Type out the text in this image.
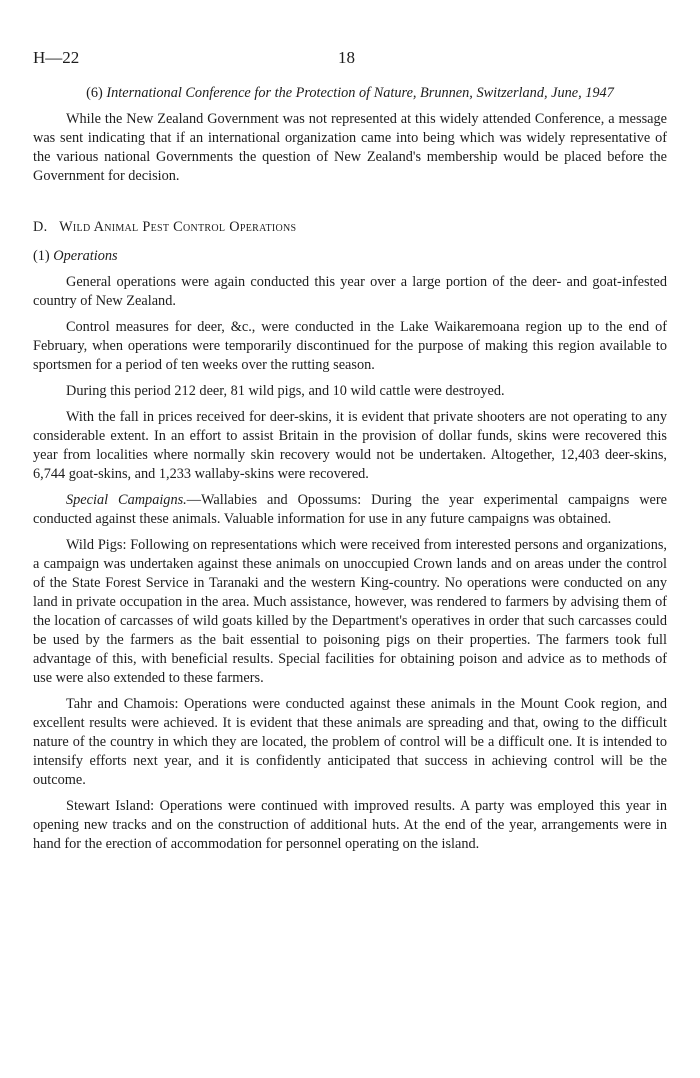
H—22	18

(6) International Conference for the Protection of Nature, Brunnen, Switzerland, June, 1947

While the New Zealand Government was not represented at this widely attended Conference, a message was sent indicating that if an international organization came into being which was widely representative of the various national Governments the question of New Zealand's membership would be placed before the Government for decision.

D. Wild Animal Pest Control Operations

(1) Operations

General operations were again conducted this year over a large portion of the deer- and goat-infested country of New Zealand.

Control measures for deer, &c., were conducted in the Lake Waikaremoana region up to the end of February, when operations were temporarily discontinued for the purpose of making this region available to sportsmen for a period of ten weeks over the rutting season.

During this period 212 deer, 81 wild pigs, and 10 wild cattle were destroyed.

With the fall in prices received for deer-skins, it is evident that private shooters are not operating to any considerable extent. In an effort to assist Britain in the provision of dollar funds, skins were recovered this year from localities where normally skin recovery would not be undertaken. Altogether, 12,403 deer-skins, 6,744 goat-skins, and 1,233 wallaby-skins were recovered.

Special Campaigns.—Wallabies and Opossums: During the year experimental campaigns were conducted against these animals. Valuable information for use in any future campaigns was obtained.

Wild Pigs: Following on representations which were received from interested persons and organizations, a campaign was undertaken against these animals on unoccupied Crown lands and on areas under the control of the State Forest Service in Taranaki and the western King-country. No operations were conducted on any land in private occupation in the area. Much assistance, however, was rendered to farmers by advising them of the location of carcasses of wild goats killed by the Department's operatives in order that such carcasses could be used by the farmers as the bait essential to poisoning pigs on their properties. The farmers took full advantage of this, with beneficial results. Special facilities for obtaining poison and advice as to methods of use were also extended to these farmers.

Tahr and Chamois: Operations were conducted against these animals in the Mount Cook region, and excellent results were achieved. It is evident that these animals are spreading and that, owing to the difficult nature of the country in which they are located, the problem of control will be a difficult one. It is intended to intensify efforts next year, and it is confidently anticipated that success in achieving control will be the outcome.

Stewart Island: Operations were continued with improved results. A party was employed this year in opening new tracks and on the construction of additional huts. At the end of the year, arrangements were in hand for the erection of accommodation for personnel operating on the island.
